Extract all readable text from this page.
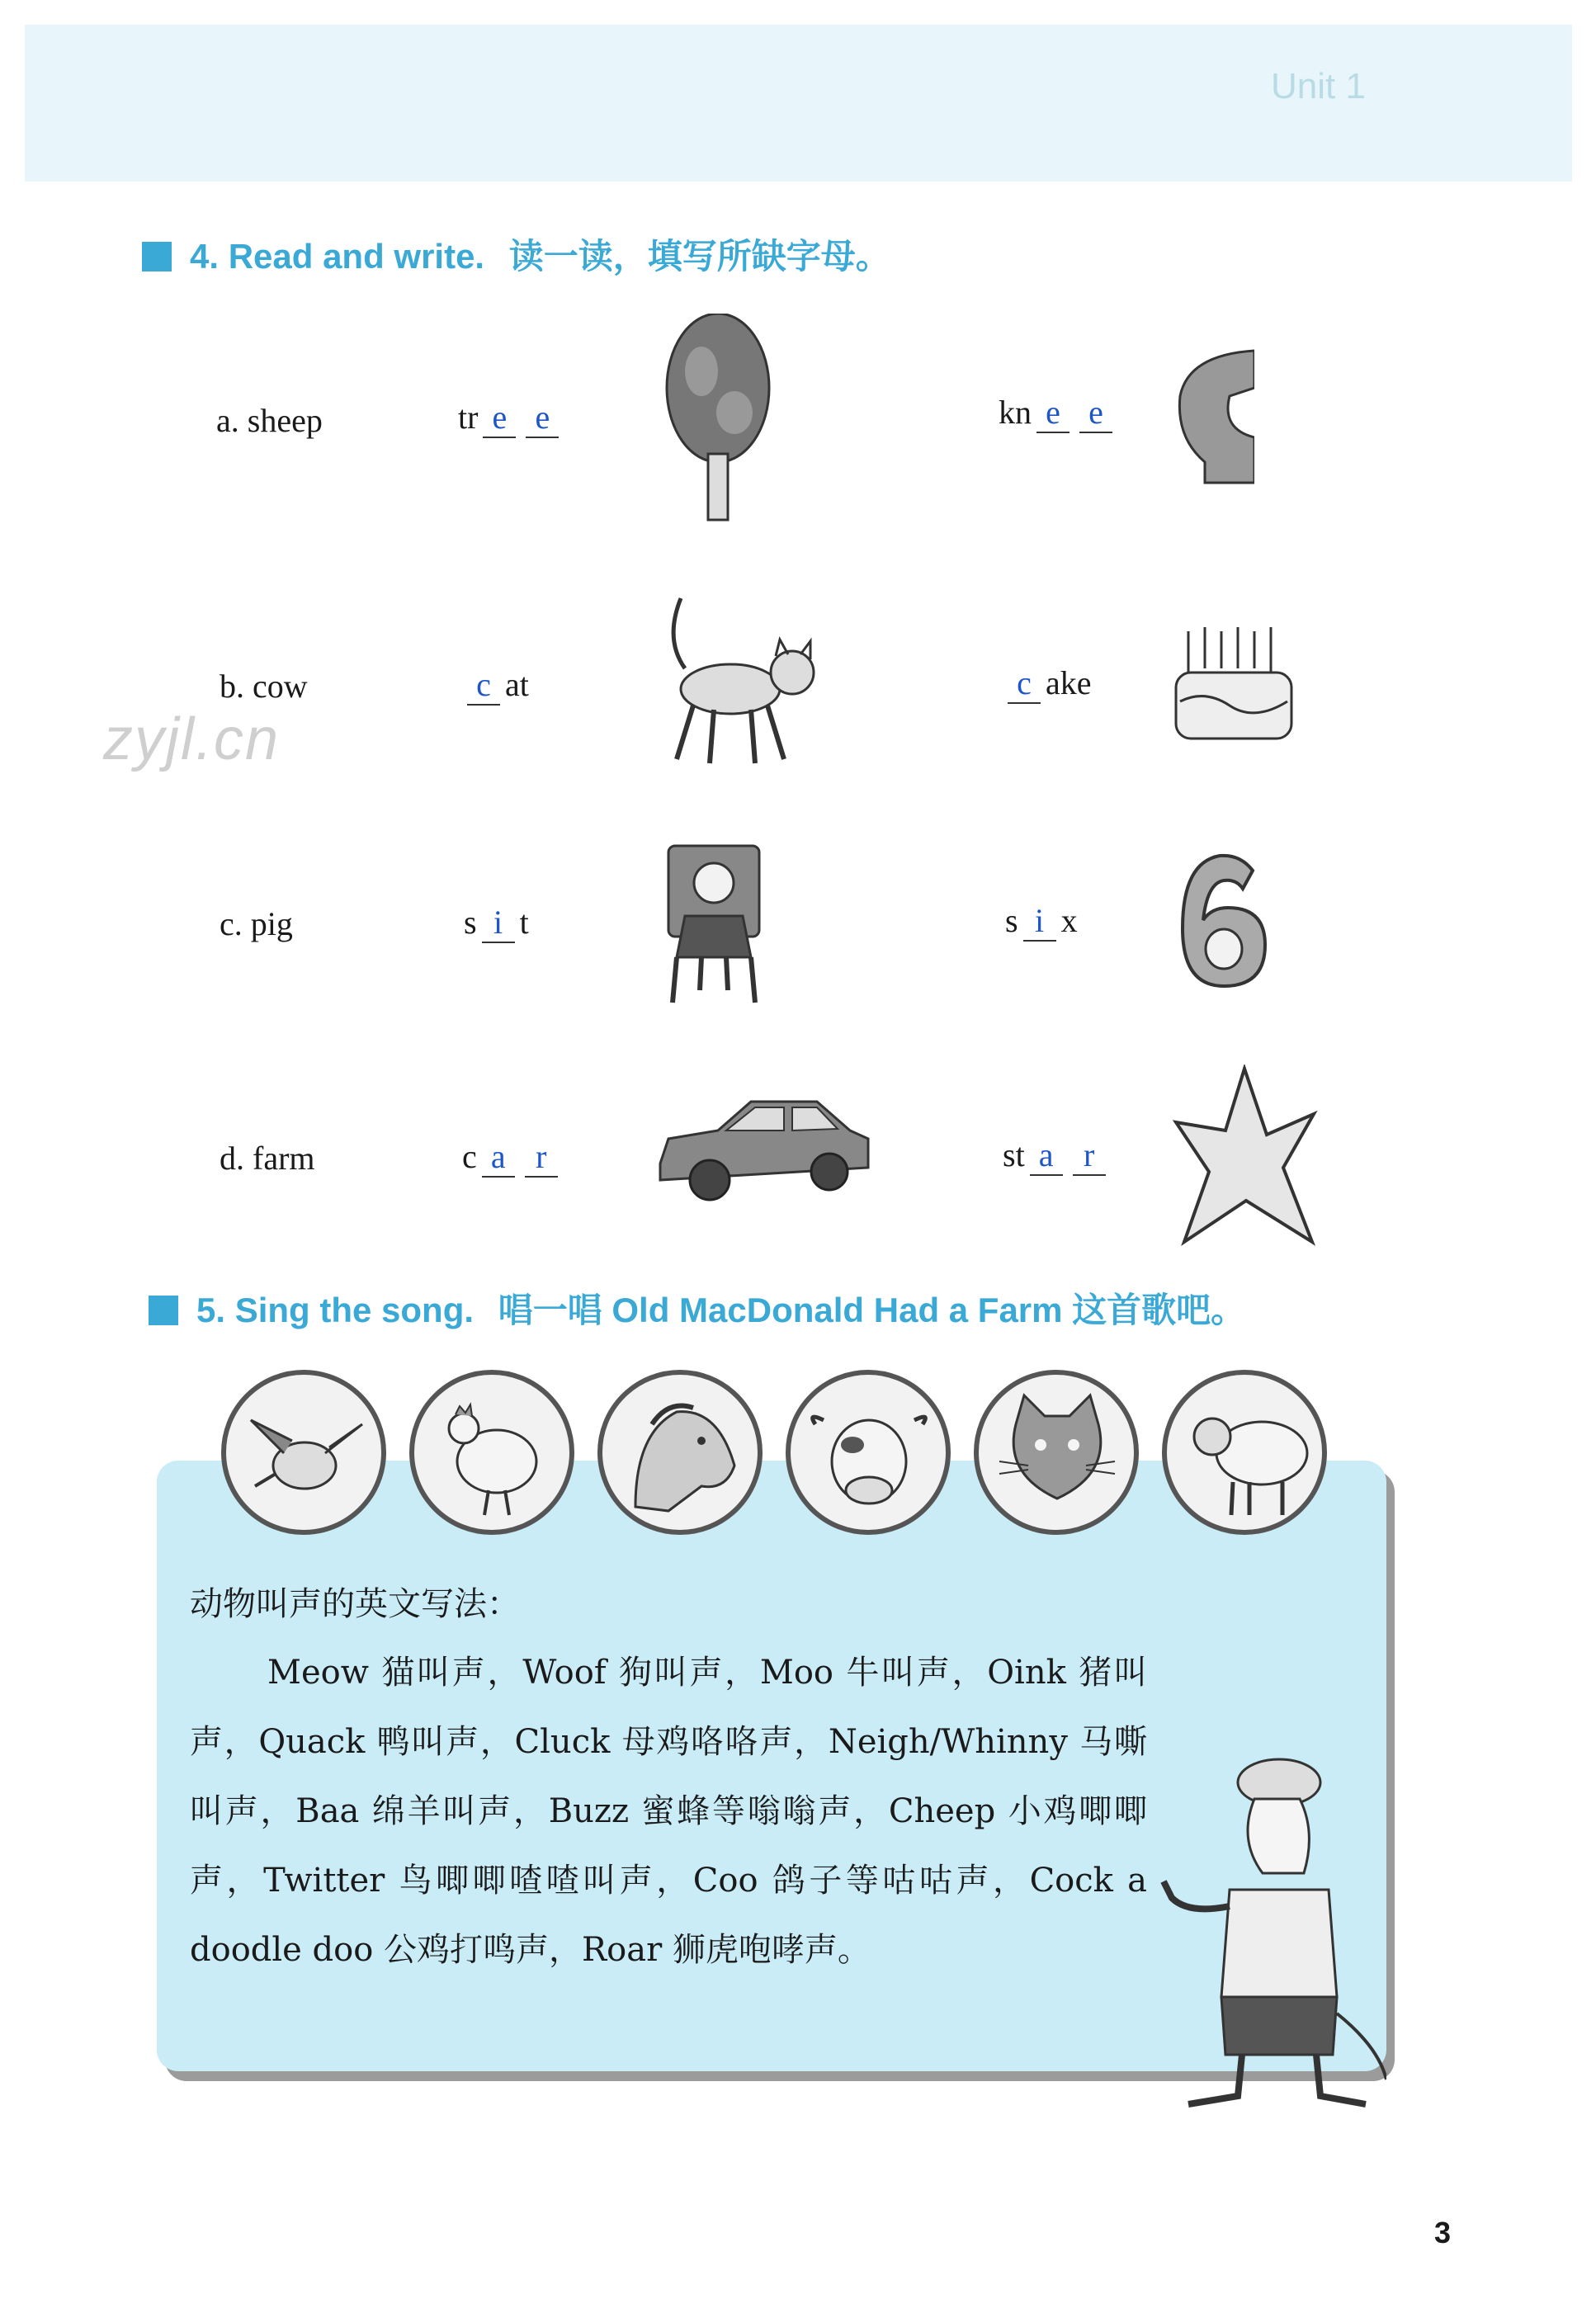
Unit 1
4. Read and write. 读一读，填写所缺字母。
zyjl.cn
a. sheep	tr e e	kn e e
b. cow	c at	c ake
c. pig	s i t	s i x
d. farm	c a r	st a r
5. Sing the song. 唱一唱 Old MacDonald Had a Farm 这首歌吧。
动物叫声的英文写法：
Meow 猫叫声，Woof 狗叫声，Moo 牛叫声，Oink 猪叫声，Quack 鸭叫声，Cluck 母鸡咯咯声，Neigh/Whinny 马嘶叫声，Baa 绵羊叫声，Buzz 蜜蜂等嗡嗡声，Cheep 小鸡唧唧声，Twitter 鸟唧唧喳喳叫声，Coo 鸽子等咕咕声，Cock a doodle doo 公鸡打鸣声，Roar 狮虎咆哮声。
3
